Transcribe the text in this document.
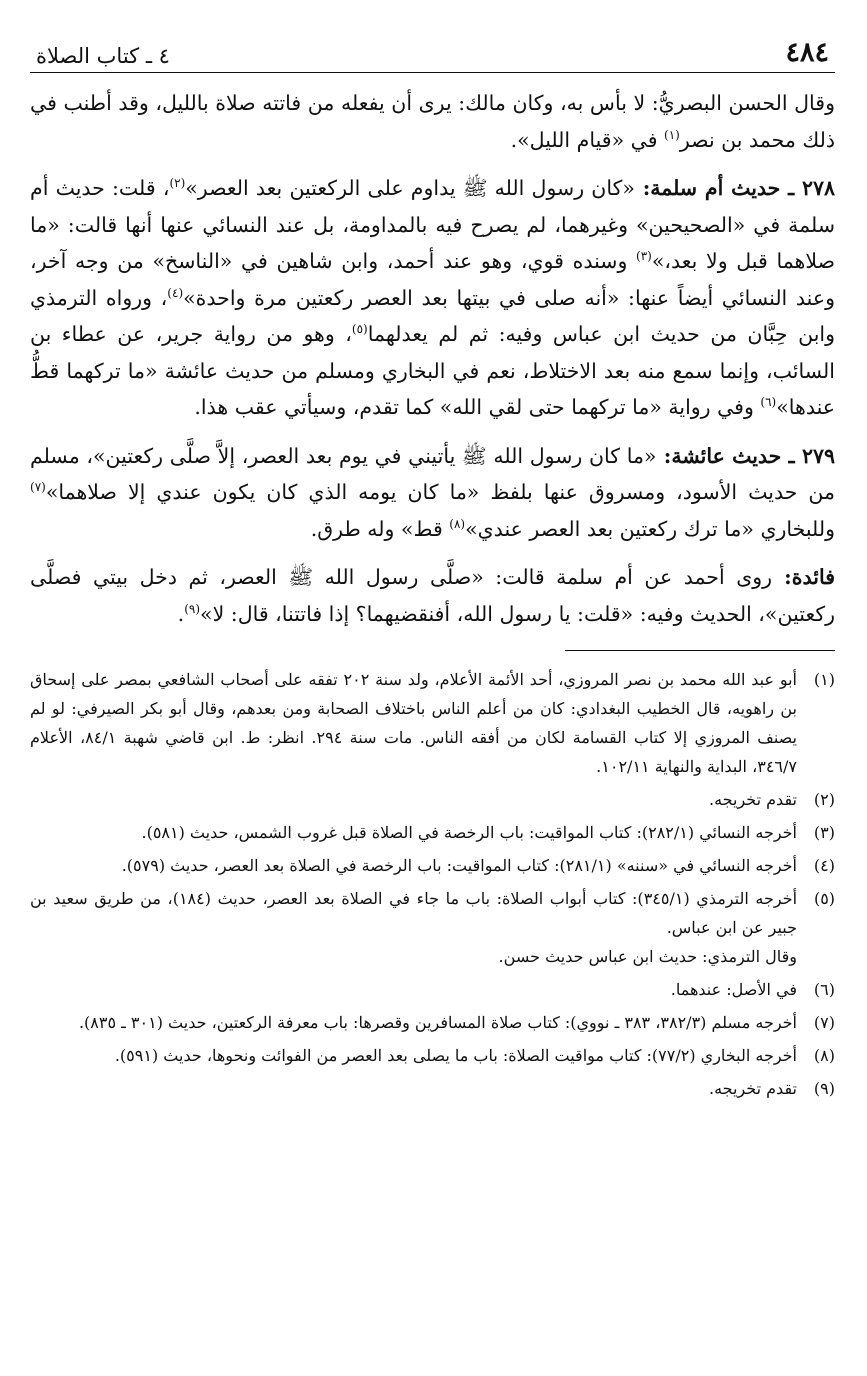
٤٨٤
٤ ـ كتاب الصلاة

وقال الحسن البصريُّ: لا بأس به، وكان مالك: يرى أن يفعله من فاتته صلاة بالليل، وقد أطنب في ذلك محمد بن نصر$^{(١)}$ في «قيام الليل».

٢٧٨ ـ حديث أم سلمة: «كان رسول الله ﷺ يداوم على الركعتين بعد العصر»$^{(٢)}$، قلت: حديث أم سلمة في «الصحيحين» وغيرهما، لم يصرح فيه بالمداومة، بل عند النسائي عنها أنها قالت: «ما صلاهما قبل ولا بعد،»$^{(٣)}$ وسنده قوي، وهو عند أحمد، وابن شاهين في «الناسخ» من وجه آخر، وعند النسائي أيضاً عنها: «أنه صلى في بيتها بعد العصر ركعتين مرة واحدة»$^{(٤)}$، ورواه الترمذي وابن حِبَّان من حديث ابن عباس وفيه: ثم لم يعدلهما$^{(٥)}$، وهو من رواية جرير، عن عطاء بن السائب، وإنما سمع منه بعد الاختلاط، نعم في البخاري ومسلم من حديث عائشة «ما تركهما قطُّ عندها»$^{(٦)}$ وفي رواية «ما تركهما حتى لقي الله» كما تقدم، وسيأتي عقب هذا.

٢٧٩ ـ حديث عائشة: «ما كان رسول الله ﷺ يأتيني في يوم بعد العصر، إلاَّ صلَّى ركعتين»، مسلم من حديث الأسود، ومسروق عنها بلفظ «ما كان يومه الذي كان يكون عندي إلا صلاهما»$^{(٧)}$ وللبخاري «ما ترك ركعتين بعد العصر عندي»$^{(٨)}$ قط» وله طرق.

فائدة: روى أحمد عن أم سلمة قالت: «صلَّى رسول الله ﷺ العصر، ثم دخل بيتي فصلَّى ركعتين»، الحديث وفيه: «قلت: يا رسول الله، أفنقضيهما؟ إذا فاتتنا، قال: لا»$^{(٩)}$.

(١)أبو عبد الله محمد بن نصر المروزي، أحد الأئمة الأعلام، ولد سنة ٢٠٢ تفقه على أصحاب الشافعي بمصر على إسحاق بن راهويه، قال الخطيب البغدادي: كان من أعلم الناس باختلاف الصحابة ومن بعدهم، وقال أبو بكر الصيرفي: لو لم يصنف المروزي إلا كتاب القسامة لكان من أفقه الناس. مات سنة ٢٩٤. انظر: ط. ابن قاضي شهبة ٨٤/١، الأعلام ٣٤٦/٧، البداية والنهاية ١٠٢/١١.

(٢)تقدم تخريجه.

(٣)أخرجه النسائي (٢٨٢/١): كتاب المواقيت: باب الرخصة في الصلاة قبل غروب الشمس، حديث (٥٨١).

(٤)أخرجه النسائي في «سننه» (٢٨١/١): كتاب المواقيت: باب الرخصة في الصلاة بعد العصر، حديث (٥٧٩).

(٥)أخرجه الترمذي (٣٤٥/١): كتاب أبواب الصلاة: باب ما جاء في الصلاة بعد العصر، حديث (١٨٤)، من طريق سعيد بن جبير عن ابن عباس.
وقال الترمذي: حديث ابن عباس حديث حسن.

(٦)في الأصل: عندهما.

(٧)أخرجه مسلم (٣٨٢/٣، ٣٨٣ ـ نووي): كتاب صلاة المسافرين وقصرها: باب معرفة الركعتين، حديث (٣٠١ ـ ٨٣٥).

(٨)أخرجه البخاري (٧٧/٢): كتاب مواقيت الصلاة: باب ما يصلى بعد العصر من الفوائت ونحوها، حديث (٥٩١).

(٩)تقدم تخريجه.
